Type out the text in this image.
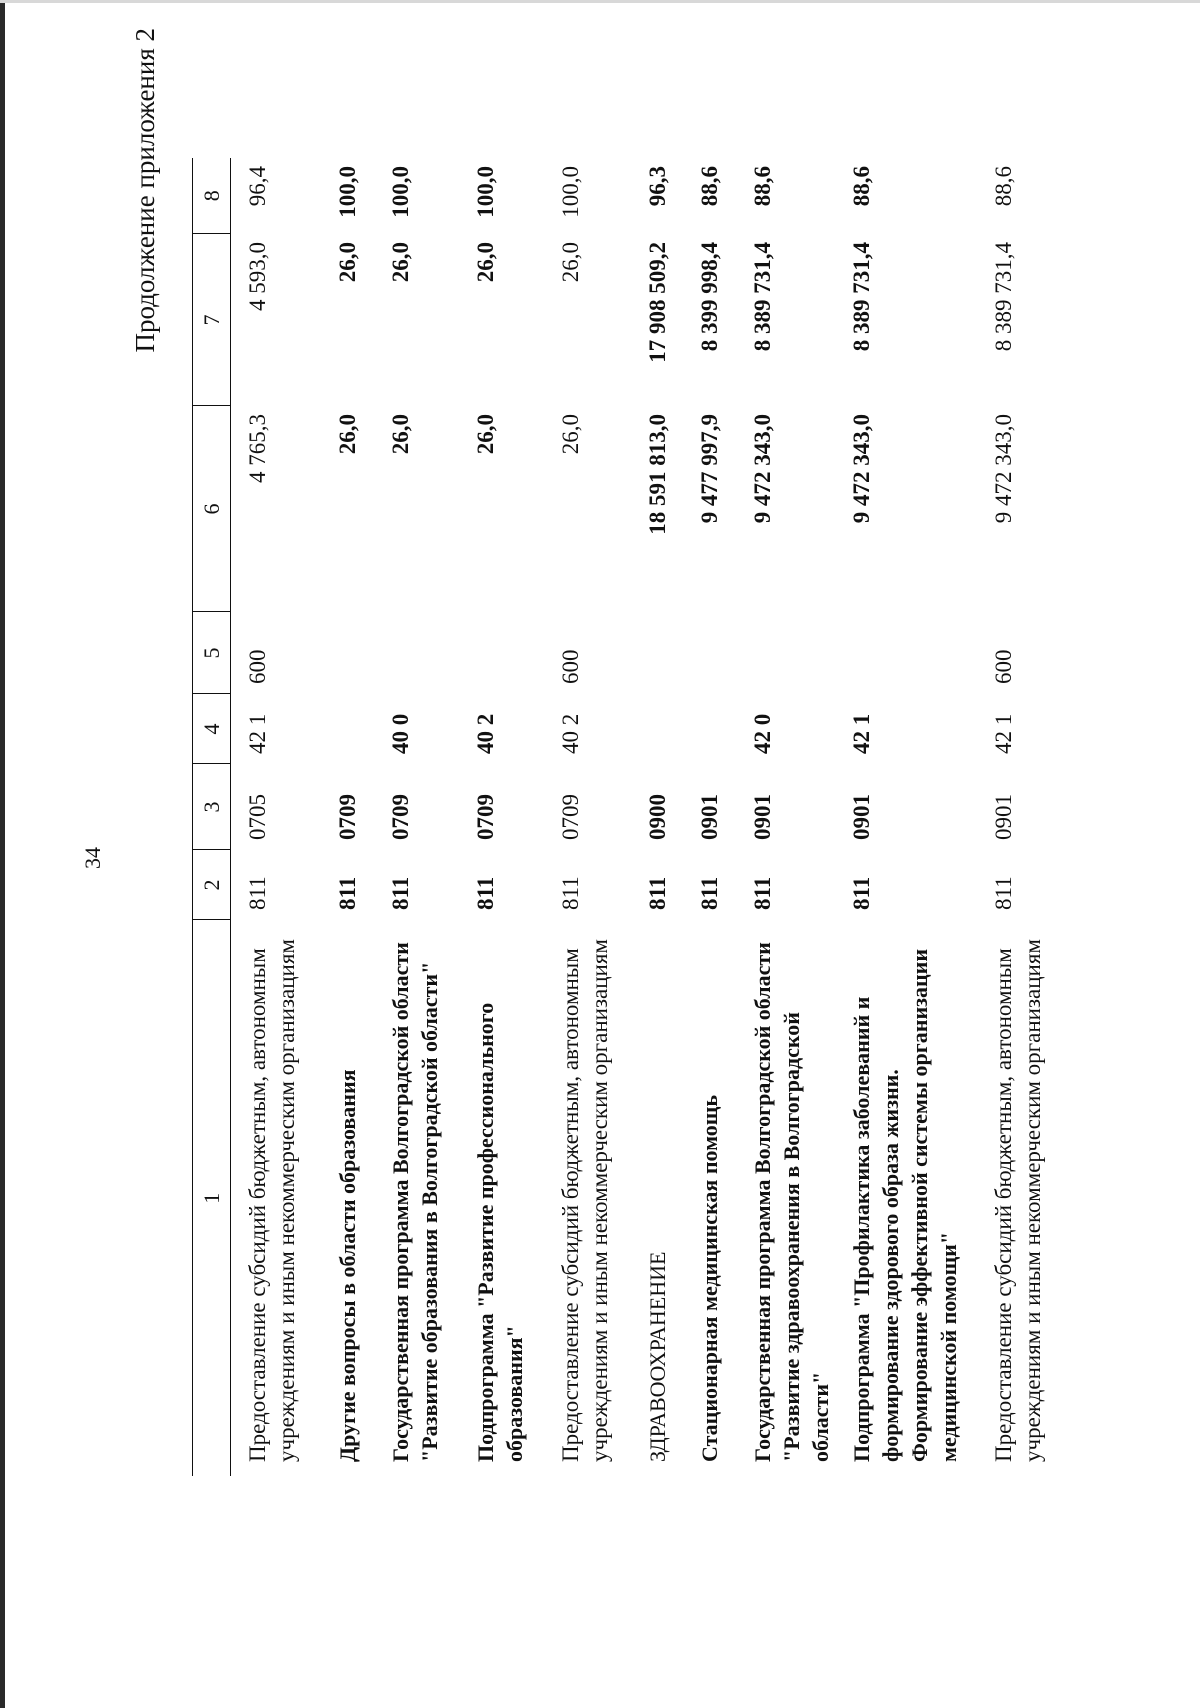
34
Продолжение приложения 2
1	2	3	4	5	6	7	8
Предоставление субсидий бюджетным, автономным учреждениям и иным некоммерческим организациям	811	0705	42 1	600	4 765,3	4 593,0	96,4
Другие вопросы в области образования	811	0709			26,0	26,0	100,0
Государственная программа Волгоградской области "Развитие образования в Волгоградской области"	811	0709	40 0		26,0	26,0	100,0
Подпрограмма "Развитие профессионального образования"	811	0709	40 2		26,0	26,0	100,0
Предоставление субсидий бюджетным, автономным учреждениям и иным некоммерческим организациям	811	0709	40 2	600	26,0	26,0	100,0
ЗДРАВООХРАНЕНИЕ	811	0900			18 591 813,0	17 908 509,2	96,3
Стационарная медицинская помощь	811	0901			9 477 997,9	8 399 998,4	88,6
Государственная программа Волгоградской области "Развитие здравоохранения в Волгоградской области"	811	0901	42 0		9 472 343,0	8 389 731,4	88,6
Подпрограмма "Профилактика заболеваний и формирование здорового образа жизни. Формирование эффективной системы организации медицинской помощи"	811	0901	42 1		9 472 343,0	8 389 731,4	88,6
Предоставление субсидий бюджетным, автономным учреждениям и иным некоммерческим организациям	811	0901	42 1	600	9 472 343,0	8 389 731,4	88,6
